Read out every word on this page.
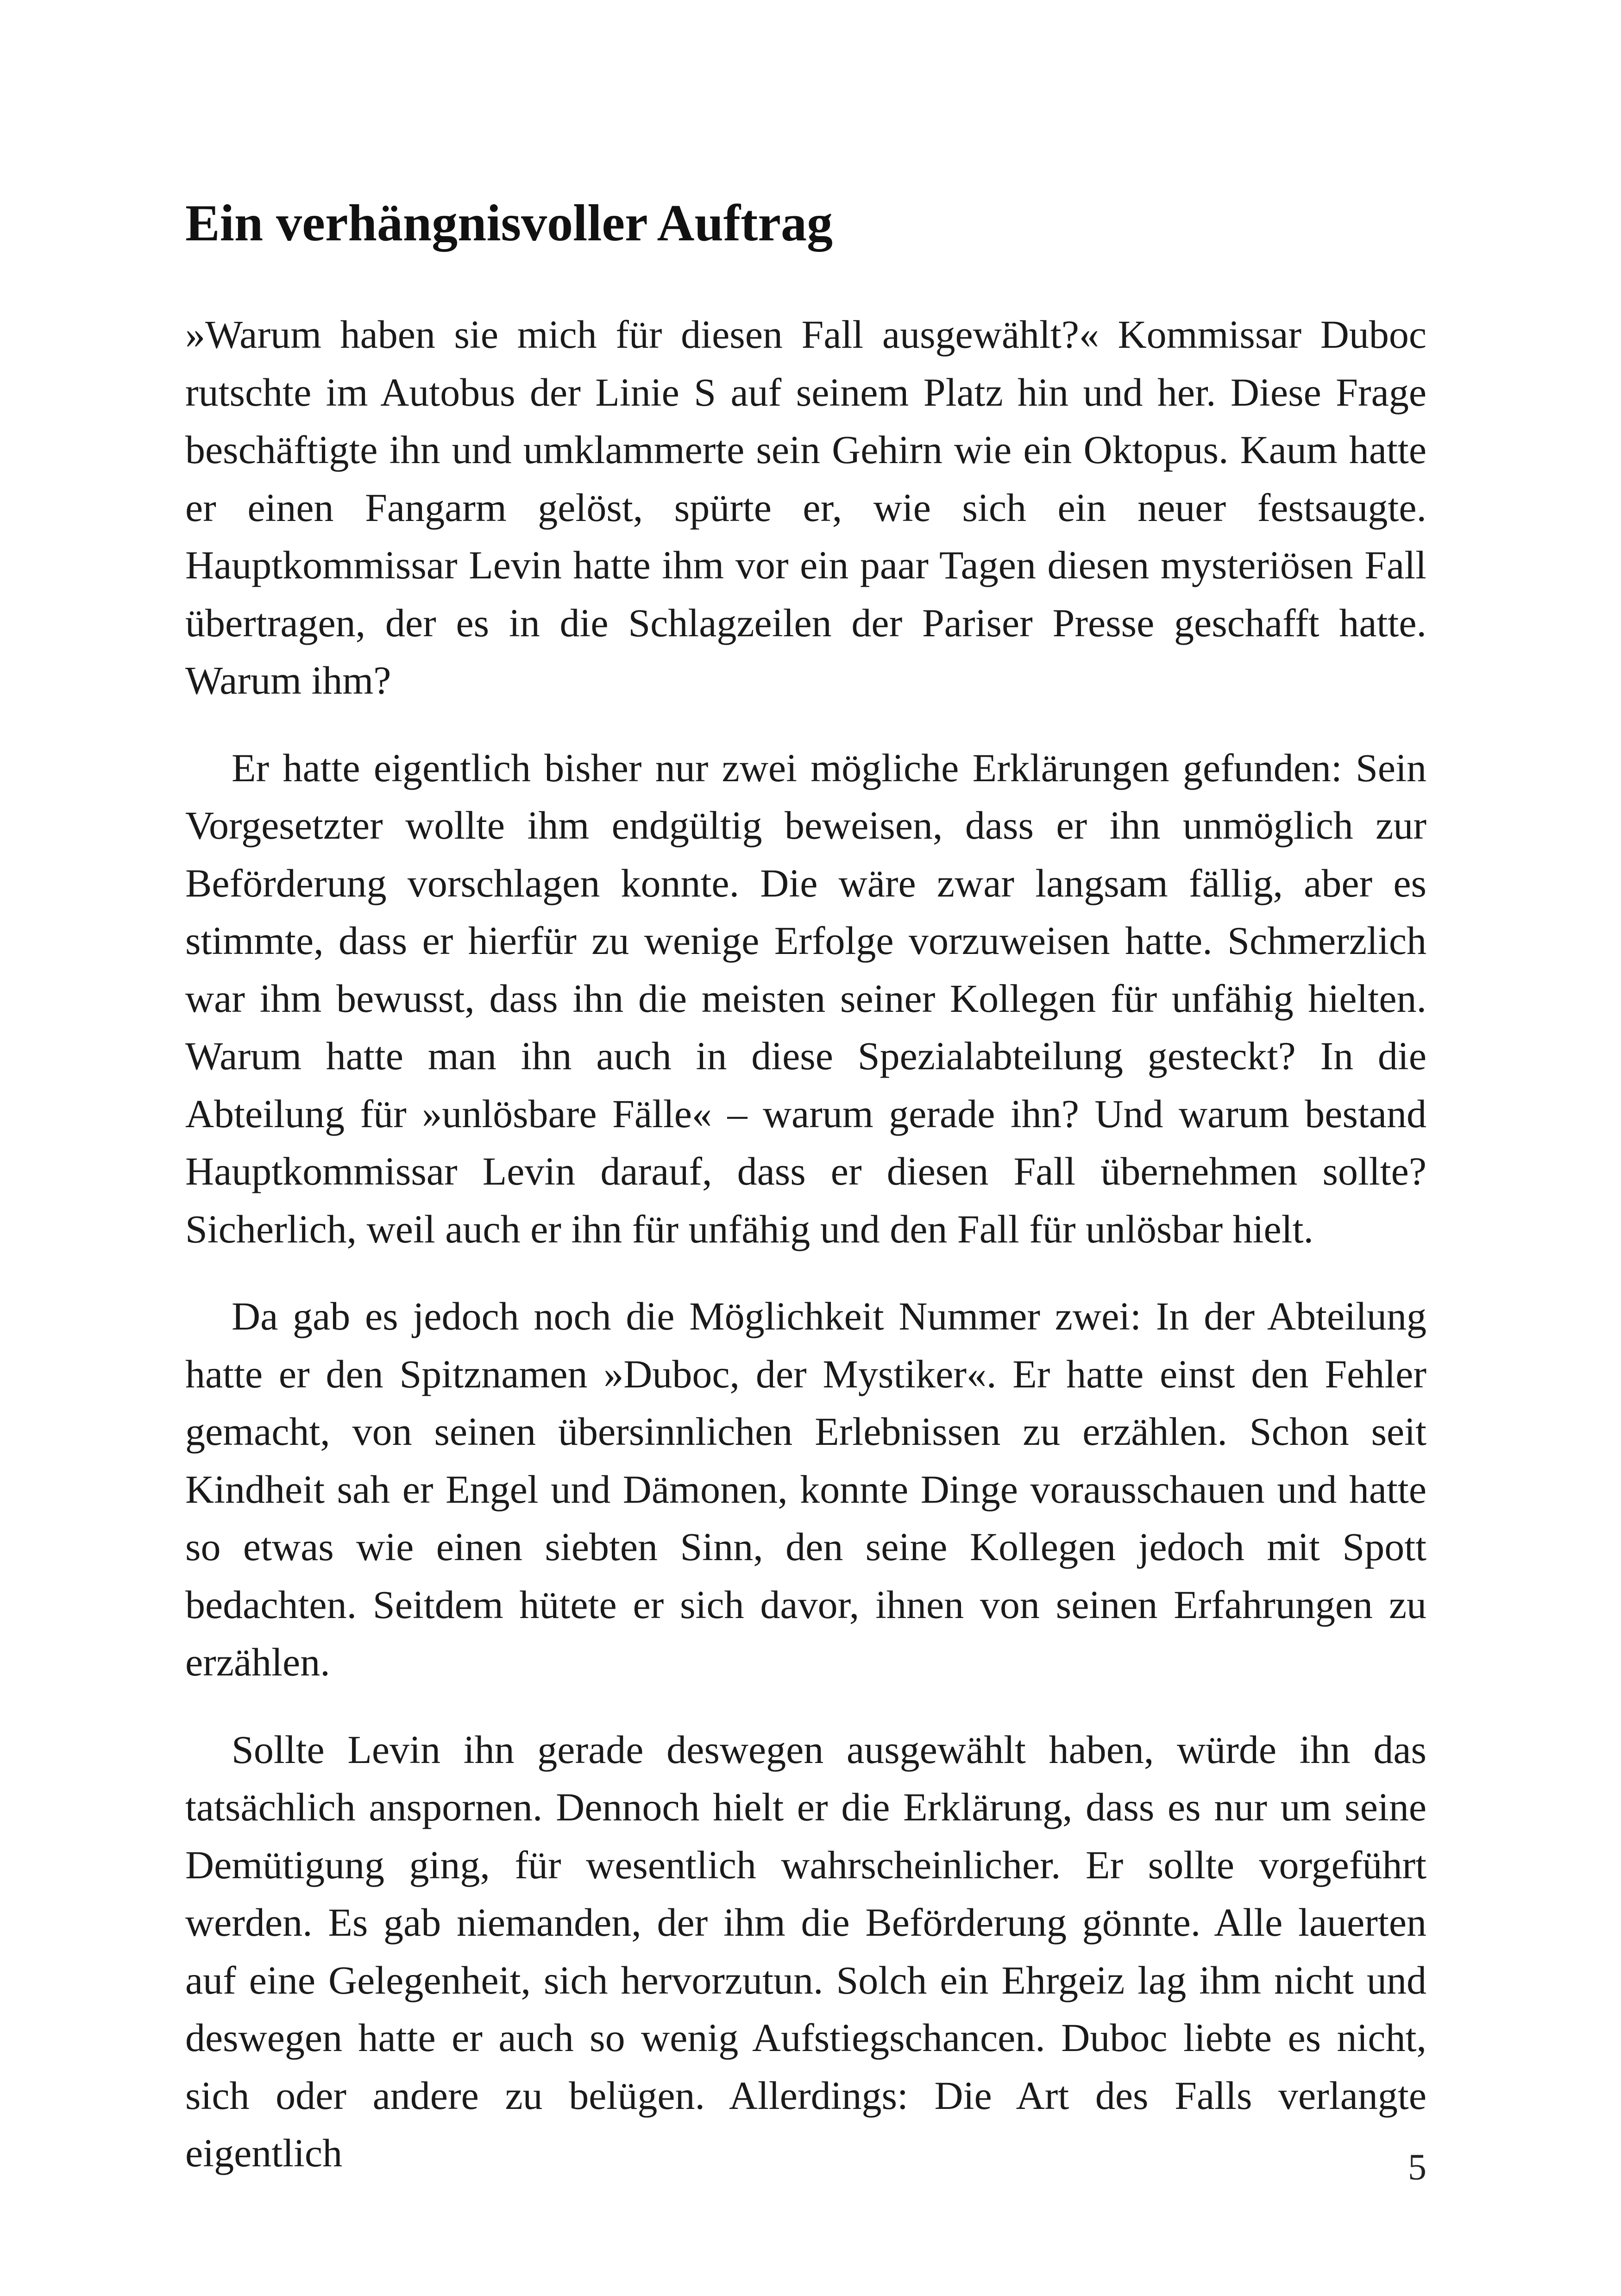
Ein verhängnisvoller Auftrag

»Warum haben sie mich für diesen Fall ausgewählt?« Kommissar Duboc rutschte im Autobus der Linie S auf seinem Platz hin und her. Diese Frage beschäftigte ihn und umklammerte sein Gehirn wie ein Oktopus. Kaum hatte er einen Fangarm gelöst, spürte er, wie sich ein neuer festsaugte. Hauptkommissar Levin hatte ihm vor ein paar Tagen diesen mysteriösen Fall übertragen, der es in die Schlagzeilen der Pariser Presse geschafft hatte. Warum ihm?

Er hatte eigentlich bisher nur zwei mögliche Erklärungen gefunden: Sein Vorgesetzter wollte ihm endgültig beweisen, dass er ihn unmöglich zur Beförderung vorschlagen konnte. Die wäre zwar langsam fällig, aber es stimmte, dass er hierfür zu wenige Erfolge vorzuweisen hatte. Schmerzlich war ihm bewusst, dass ihn die meisten seiner Kollegen für unfähig hielten. Warum hatte man ihn auch in diese Spezialabteilung gesteckt? In die Abteilung für »unlösbare Fälle« – warum gerade ihn? Und warum bestand Hauptkommissar Levin darauf, dass er diesen Fall übernehmen sollte? Sicherlich, weil auch er ihn für unfähig und den Fall für unlösbar hielt.

Da gab es jedoch noch die Möglichkeit Nummer zwei: In der Abteilung hatte er den Spitznamen »Duboc, der Mystiker«. Er hatte einst den Fehler gemacht, von seinen übersinnlichen Erlebnissen zu erzählen. Schon seit Kindheit sah er Engel und Dämonen, konnte Dinge vorausschauen und hatte so etwas wie einen siebten Sinn, den seine Kollegen jedoch mit Spott bedachten. Seitdem hütete er sich davor, ihnen von seinen Erfahrungen zu erzählen.

Sollte Levin ihn gerade deswegen ausgewählt haben, würde ihn das tatsächlich anspornen. Dennoch hielt er die Erklärung, dass es nur um seine Demütigung ging, für wesentlich wahrscheinlicher. Er sollte vorgeführt werden. Es gab niemanden, der ihm die Beförderung gönnte. Alle lauerten auf eine Gelegenheit, sich hervorzutun. Solch ein Ehrgeiz lag ihm nicht und deswegen hatte er auch so wenig Aufstiegschancen. Duboc liebte es nicht, sich oder andere zu belügen. Allerdings: Die Art des Falls verlangte eigentlich	5
